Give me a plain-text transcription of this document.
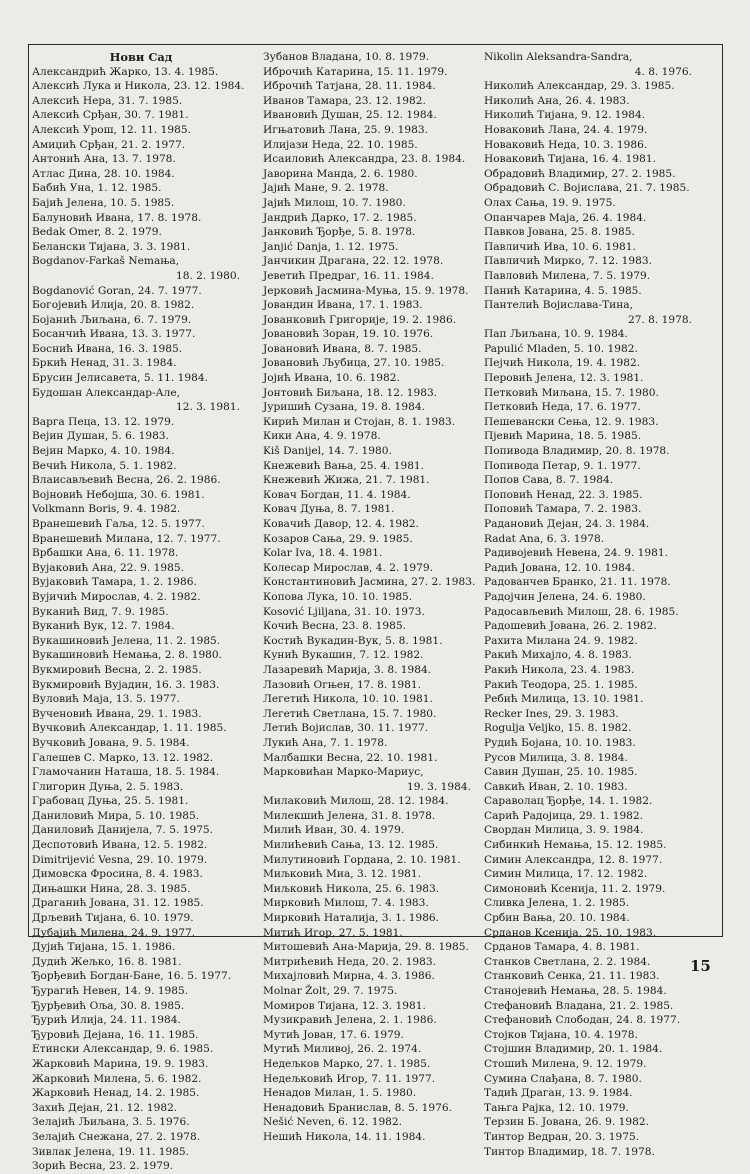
Нови Сад
Александрић Жарко, 13. 4. 1985.
Алексић Лука и Никола, 23. 12. 1984.
Алексић Нера, 31. 7. 1985.
Алексић Срђан, 30. 7. 1981.
Алексић Урош, 12. 11. 1985.
Амиџић Срђан, 21. 2. 1977.
Антонић Ана, 13. 7. 1978.
Атлас Дина, 28. 10. 1984.
Бабић Уна, 1. 12. 1985.
Бајић Јелена, 10. 5. 1985.
Балуновић Ивана, 17. 8. 1978.
Bedak Omer, 8. 2. 1979.
Белански Тијана, 3. 3. 1981.
Bogdanov-Farkaš Nemaња,
18. 2. 1980.
Bogdanović Goran, 24. 7. 1977.
Богојевић Илија, 20. 8. 1982.
Бојанић Љиљана, 6. 7. 1979.
Босанчић Ивана, 13. 3. 1977.
Боснић Ивана, 16. 3. 1985.
Бркић Ненад, 31. 3. 1984.
Брусин Јелисавета, 5. 11. 1984.
Будошан Александар-Але,
12. 3. 1981.
Варга Пеца, 13. 12. 1979.
Вејин Душан, 5. 6. 1983.
Вејин Марко, 4. 10. 1984.
Вечић Никола, 5. 1. 1982.
Влаисављевић Весна, 26. 2. 1986.
Војновић Небојша, 30. 6. 1981.
Volkmann Boris, 9. 4. 1982.
Вранешевић Гаља, 12. 5. 1977.
Вранешевић Милана, 12. 7. 1977.
Врбашки Ана, 6. 11. 1978.
Вујаковић Ана, 22. 9. 1985.
Вујаковић Тамара, 1. 2. 1986.
Вујичић Мирослав, 4. 2. 1982.
Вуканић Вид, 7. 9. 1985.
Вуканић Вук, 12. 7. 1984.
Вукашиновић Јелена, 11. 2. 1985.
Вукашиновић Немања, 2. 8. 1980.
Вукмировић Весна, 2. 2. 1985.
Вукмировић Вујадин, 16. 3. 1983.
Вуловић Маја, 13. 5. 1977.
Вученовић Ивана, 29. 1. 1983.
Вучковић Александар, 1. 11. 1985.
Вучковић Јована, 9. 5. 1984.
Галешев С. Марко, 13. 12. 1982.
Гламочанин Наташа, 18. 5. 1984.
Глигорин Дуња, 2. 5. 1983.
Грабовац Дуња, 25. 5. 1981.
Даниловић Мира, 5. 10. 1985.
Даниловић Данијела, 7. 5. 1975.
Деспотовић Ивана, 12. 5. 1982.
Dimitrijević Vesna, 29. 10. 1979.
Димовска Фросина, 8. 4. 1983.
Дињашки Нина, 28. 3. 1985.
Драганић Јована, 31. 12. 1985.
Дрљевић Тијана, 6. 10. 1979.
Дубајић Милена, 24. 9. 1977.
Дујић Тијана, 15. 1. 1986.
Дудић Жељко, 16. 8. 1981.
Ђорђевић Богдан-Бане, 16. 5. 1977.
Ђурагић Невен, 14. 9. 1985.
Ђурђевић Оља, 30. 8. 1985.
Ђурић Илија, 24. 11. 1984.
Ђуровић Дејана, 16. 11. 1985.
Етински Александар, 9. 6. 1985.
Жарковић Марина, 19. 9. 1983.
Жарковић Милена, 5. 6. 1982.
Жарковић Ненад, 14. 2. 1985.
Захић Дејан, 21. 12. 1982.
Зелајић Љиљана, 3. 5. 1976.
Зелајић Снежана, 27. 2. 1978.
Зивлак Јелена, 19. 11. 1985.
Зорић Весна, 23. 2. 1979.
Зубанов Владана, 10. 8. 1979.
Иброчић Катарина, 15. 11. 1979.
Иброчић Татјана, 28. 11. 1984.
Иванов Тамара, 23. 12. 1982.
Ивановић Душан, 25. 12. 1984.
Игњатовић Лана, 25. 9. 1983.
Илијази Неда, 22. 10. 1985.
Исаиловић Александра, 23. 8. 1984.
Јаворина Манда, 2. 6. 1980.
Јајић Мане, 9. 2. 1978.
Јајић Милош, 10. 7. 1980.
Јандрић Дарко, 17. 2. 1985.
Јанковић Ђорђе, 5. 8. 1978.
Janjić Danja, 1. 12. 1975.
Јанчикин Драгана, 22. 12. 1978.
Јеветић Предраг, 16. 11. 1984.
Јерковић Јасмина-Муња, 15. 9. 1978.
Јовандин Ивана, 17. 1. 1983.
Јованковић Григорије, 19. 2. 1986.
Јовановић Зоран, 19. 10. 1976.
Јовановић Ивана, 8. 7. 1985.
Јовановић Љубица, 27. 10. 1985.
Јојић Ивана, 10. 6. 1982.
Јонтовић Биљана, 18. 12. 1983.
Јуришић Сузана, 19. 8. 1984.
Кирић Милан и Стојан, 8. 1. 1983.
Кики Ана, 4. 9. 1978.
Kiš Danijel, 14. 7. 1980.
Кнежевић Вања, 25. 4. 1981.
Кнежевић Жижа, 21. 7. 1981.
Ковач Богдан, 11. 4. 1984.
Ковач Дуња, 8. 7. 1981.
Ковачић Давор, 12. 4. 1982.
Козаров Сања, 29. 9. 1985.
Kolar Iva, 18. 4. 1981.
Колесар Мирослав, 4. 2. 1979.
Константиновић Јасмина, 27. 2. 1983.
Копова Лука, 10. 10. 1985.
Kosović Ljiljana, 31. 10. 1973.
Кочић Весна, 23. 8. 1985.
Костић Вукадин-Вук, 5. 8. 1981.
Кунић Вукашин, 7. 12. 1982.
Лазаревић Марија, 3. 8. 1984.
Лазовић Огњен, 17. 8. 1981.
Легетић Никола, 10. 10. 1981.
Легетић Светлана, 15. 7. 1980.
Летић Војислав, 30. 11. 1977.
Лукић Ана, 7. 1. 1978.
Малбашки Весна, 22. 10. 1981.
Марковићан Марко-Мариус,
19. 3. 1984.
Милаковић Милош, 28. 12. 1984.
Милекшић Јелена, 31. 8. 1978.
Милић Иван, 30. 4. 1979.
Милићевић Сања, 13. 12. 1985.
Милутиновић Гордана, 2. 10. 1981.
Миљковић Миа, 3. 12. 1981.
Миљковић Никола, 25. 6. 1983.
Мирковић Милош, 7. 4. 1983.
Мирковић Наталија, 3. 1. 1986.
Митић Игор, 27. 5. 1981.
Митошевић Ана-Марија, 29. 8. 1985.
Митрићевић Неда, 20. 2. 1983.
Михајловић Мирна, 4. 3. 1986.
Molnar Žolt, 29. 7. 1975.
Момиров Тијана, 12. 3. 1981.
Музикравић Јелена, 2. 1. 1986.
Мутић Јован, 17. 6. 1979.
Мутић Миливој, 26. 2. 1974.
Недељков Марко, 27. 1. 1985.
Недељковић Игор, 7. 11. 1977.
Ненадов Милан, 1. 5. 1980.
Ненадовић Бранислав, 8. 5. 1976.
Nešić Neven, 6. 12. 1982.
Нешић Никола, 14. 11. 1984.
Nikolin Aleksandra-Sandra,
4. 8. 1976.
Николић Александар, 29. 3. 1985.
Николић Ана, 26. 4. 1983.
Николић Тијана, 9. 12. 1984.
Новаковић Лана, 24. 4. 1979.
Новаковић Неда, 10. 3. 1986.
Новаковић Тијана, 16. 4. 1981.
Обрадовић Владимир, 27. 2. 1985.
Обрадовић С. Војислава, 21. 7. 1985.
Олах Сања, 19. 9. 1975.
Опанчарев Маја, 26. 4. 1984.
Павков Јована, 25. 8. 1985.
Павличић Ива, 10. 6. 1981.
Павличић Мирко, 7. 12. 1983.
Павловић Милена, 7. 5. 1979.
Панић Катарина, 4. 5. 1985.
Пантелић Војислава-Тина,
27. 8. 1978.
Пап Љиљана, 10. 9. 1984.
Papulić Mladen, 5. 10. 1982.
Пејчић Никола, 19. 4. 1982.
Перовић Јелена, 12. 3. 1981.
Петковић Миљана, 15. 7. 1980.
Петковић Неда, 17. 6. 1977.
Пешевански Сења, 12. 9. 1983.
Пјевић Марина, 18. 5. 1985.
Попивода Владимир, 20. 8. 1978.
Попивода Петар, 9. 1. 1977.
Попов Сава, 8. 7. 1984.
Поповић Ненад, 22. 3. 1985.
Поповић Тамара, 7. 2. 1983.
Радановић Дејан, 24. 3. 1984.
Radat Ana, 6. 3. 1978.
Радивојевић Невена, 24. 9. 1981.
Радић Јована, 12. 10. 1984.
Радованчев Бранко, 21. 11. 1978.
Радојчин Јелена, 24. 6. 1980.
Радосављевић Милош, 28. 6. 1985.
Радошевић Јована, 26. 2. 1982.
Рахита Милана 24. 9. 1982.
Ракић Михајло, 4. 8. 1983.
Ракић Никола, 23. 4. 1983.
Ракић Теодора, 25. 1. 1985.
Ребић Милица, 13. 10. 1981.
Recker Ines, 29. 3. 1983.
Rogulja Veljko, 15. 8. 1982.
Рудић Бојана, 10. 10. 1983.
Русов Милица, 3. 8. 1984.
Савин Душан, 25. 10. 1985.
Савкић Иван, 2. 10. 1983.
Сараволац Ђорђе, 14. 1. 1982.
Сарић Радојица, 29. 1. 1982.
Свордан Милица, 3. 9. 1984.
Сибинкић Немања, 15. 12. 1985.
Симин Александра, 12. 8. 1977.
Симин Милица, 17. 12. 1982.
Симоновић Ксенија, 11. 2. 1979.
Сливка Јелена, 1. 2. 1985.
Србин Вања, 20. 10. 1984.
Срданов Ксенија, 25. 10. 1983.
Срданов Тамара, 4. 8. 1981.
Станков Светлана, 2. 2. 1984.
Станковић Сенка, 21. 11. 1983.
Станојевић Немања, 28. 5. 1984.
Стефановић Владана, 21. 2. 1985.
Стефановић Слободан, 24. 8. 1977.
Стојков Тијана, 10. 4. 1978.
Стојшин Владимир, 20. 1. 1984.
Стошић Милена, 9. 12. 1979.
Сумина Слађана, 8. 7. 1980.
Тадић Драган, 13. 9. 1984.
Тањга Рајка, 12. 10. 1979.
Терзин Б. Јована, 26. 9. 1982.
Тинтор Ведран, 20. 3. 1975.
Тинтор Владимир, 18. 7. 1978.
15
